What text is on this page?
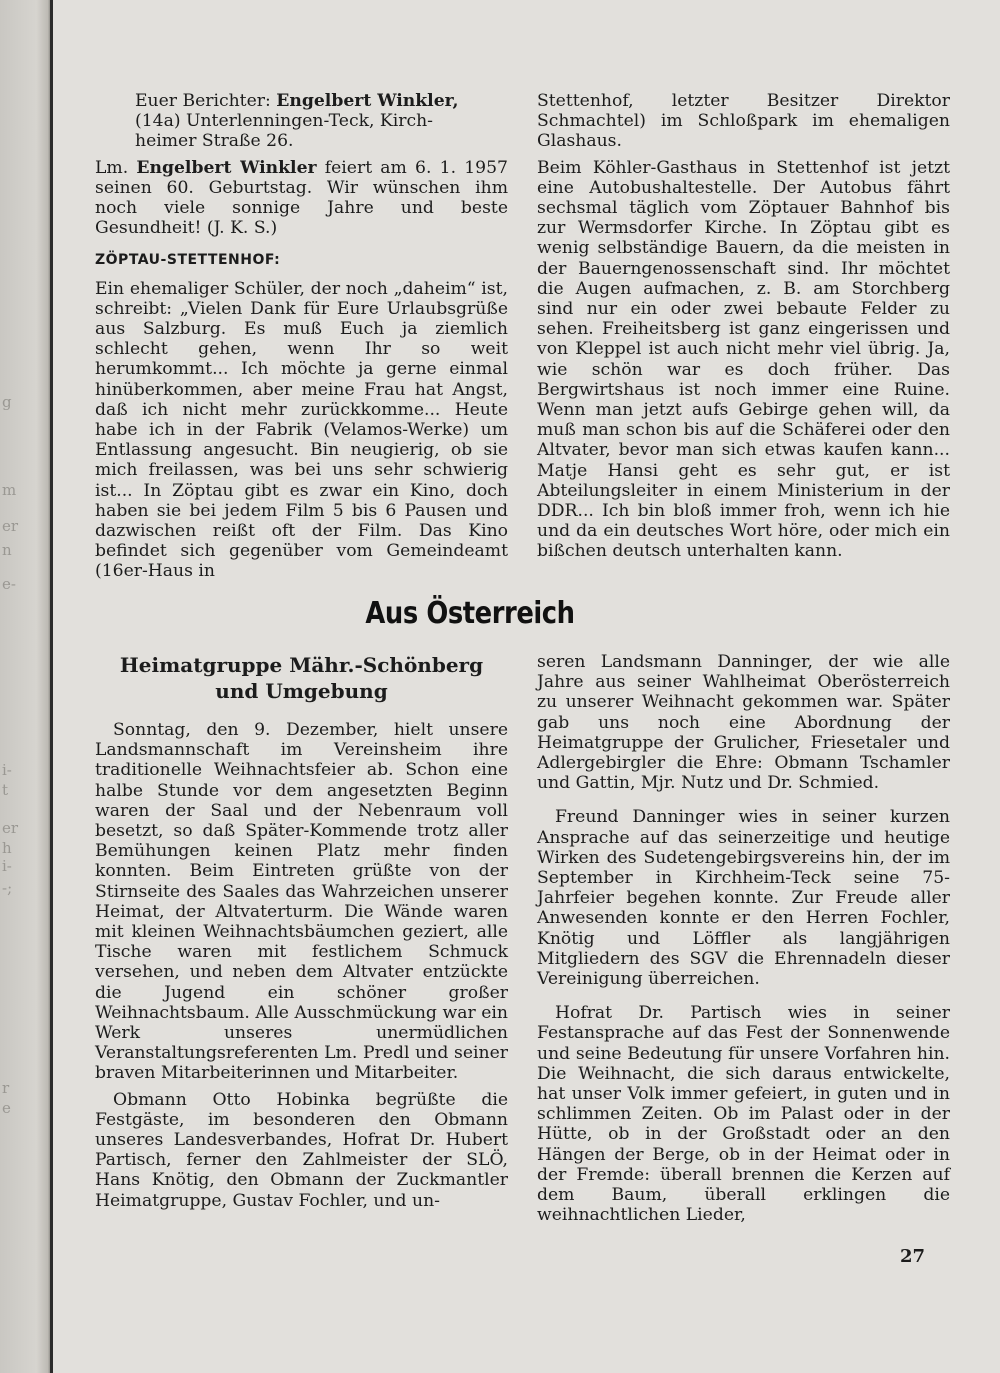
g
m
er
n
e-
i-
t
er
h
i-
-;
r
e
Euer Berichter: Engelbert Winkler,
(14a) Unterlenningen-Teck, Kirch-
heimer Straße 26.

Lm. Engelbert Winkler feiert am 6. 1. 1957 seinen 60. Geburtstag. Wir wünschen ihm noch viele sonnige Jahre und beste Gesundheit! (J. K. S.)

ZÖPTAU-STETTENHOF:

Ein ehemaliger Schüler, der noch „daheim“ ist, schreibt: „Vielen Dank für Eure Urlaubsgrüße aus Salzburg. Es muß Euch ja ziemlich schlecht gehen, wenn Ihr so weit herumkommt... Ich möchte ja gerne einmal hinüberkommen, aber meine Frau hat Angst, daß ich nicht mehr zurückkomme... Heute habe ich in der Fabrik (Velamos-Werke) um Entlassung angesucht. Bin neugierig, ob sie mich freilassen, was bei uns sehr schwierig ist... In Zöptau gibt es zwar ein Kino, doch haben sie bei jedem Film 5 bis 6 Pausen und dazwischen reißt oft der Film. Das Kino befindet sich gegenüber vom Gemeindeamt (16er-Haus in

Stettenhof, letzter Besitzer Direktor Schmachtel) im Schloßpark im ehemaligen Glashaus.

Beim Köhler-Gasthaus in Stettenhof ist jetzt eine Autobushaltestelle. Der Autobus fährt sechsmal täglich vom Zöptauer Bahnhof bis zur Wermsdorfer Kirche. In Zöptau gibt es wenig selbständige Bauern, da die meisten in der Bauerngenossenschaft sind. Ihr möchtet die Augen aufmachen, z. B. am Storchberg sind nur ein oder zwei bebaute Felder zu sehen. Freiheitsberg ist ganz eingerissen und von Kleppel ist auch nicht mehr viel übrig. Ja, wie schön war es doch früher. Das Bergwirtshaus ist noch immer eine Ruine. Wenn man jetzt aufs Gebirge gehen will, da muß man schon bis auf die Schäferei oder den Altvater, bevor man sich etwas kaufen kann... Matje Hansi geht es sehr gut, er ist Abteilungsleiter in einem Ministerium in der DDR... Ich bin bloß immer froh, wenn ich hie und da ein deutsches Wort höre, oder mich ein bißchen deutsch unterhalten kann.

Aus Österreich
Heimatgruppe Mähr.-Schönberg
und Umgebung

Sonntag, den 9. Dezember, hielt unsere Landsmannschaft im Vereinsheim ihre traditionelle Weihnachtsfeier ab. Schon eine halbe Stunde vor dem angesetzten Beginn waren der Saal und der Nebenraum voll besetzt, so daß Später-Kommende trotz aller Bemühungen keinen Platz mehr finden konnten. Beim Eintreten grüßte von der Stirnseite des Saales das Wahrzeichen unserer Heimat, der Altvaterturm. Die Wände waren mit kleinen Weihnachtsbäumchen geziert, alle Tische waren mit festlichem Schmuck versehen, und neben dem Altvater entzückte die Jugend ein schöner großer Weihnachtsbaum. Alle Ausschmückung war ein Werk unseres unermüdlichen Veranstaltungsreferenten Lm. Predl und seiner braven Mitarbeiterinnen und Mitarbeiter.

Obmann Otto Hobinka begrüßte die Festgäste, im besonderen den Obmann unseres Landesverbandes, Hofrat Dr. Hubert Partisch, ferner den Zahlmeister der SLÖ, Hans Knötig, den Obmann der Zuckmantler Heimatgruppe, Gustav Fochler, und un-

seren Landsmann Danninger, der wie alle Jahre aus seiner Wahlheimat Oberösterreich zu unserer Weihnacht gekommen war. Später gab uns noch eine Abordnung der Heimatgruppe der Grulicher, Friesetaler und Adlergebirgler die Ehre: Obmann Tschamler und Gattin, Mjr. Nutz und Dr. Schmied.

Freund Danninger wies in seiner kurzen Ansprache auf das seinerzeitige und heutige Wirken des Sudetengebirgsvereins hin, der im September in Kirchheim-Teck seine 75-Jahrfeier begehen konnte. Zur Freude aller Anwesenden konnte er den Herren Fochler, Knötig und Löffler als langjährigen Mitgliedern des SGV die Ehrennadeln dieser Vereinigung überreichen.

Hofrat Dr. Partisch wies in seiner Festansprache auf das Fest der Sonnenwende und seine Bedeutung für unsere Vorfahren hin. Die Weihnacht, die sich daraus entwickelte, hat unser Volk immer gefeiert, in guten und in schlimmen Zeiten. Ob im Palast oder in der Hütte, ob in der Großstadt oder an den Hängen der Berge, ob in der Heimat oder in der Fremde: überall brennen die Kerzen auf dem Baum, überall erklingen die weihnachtlichen Lieder,

27
